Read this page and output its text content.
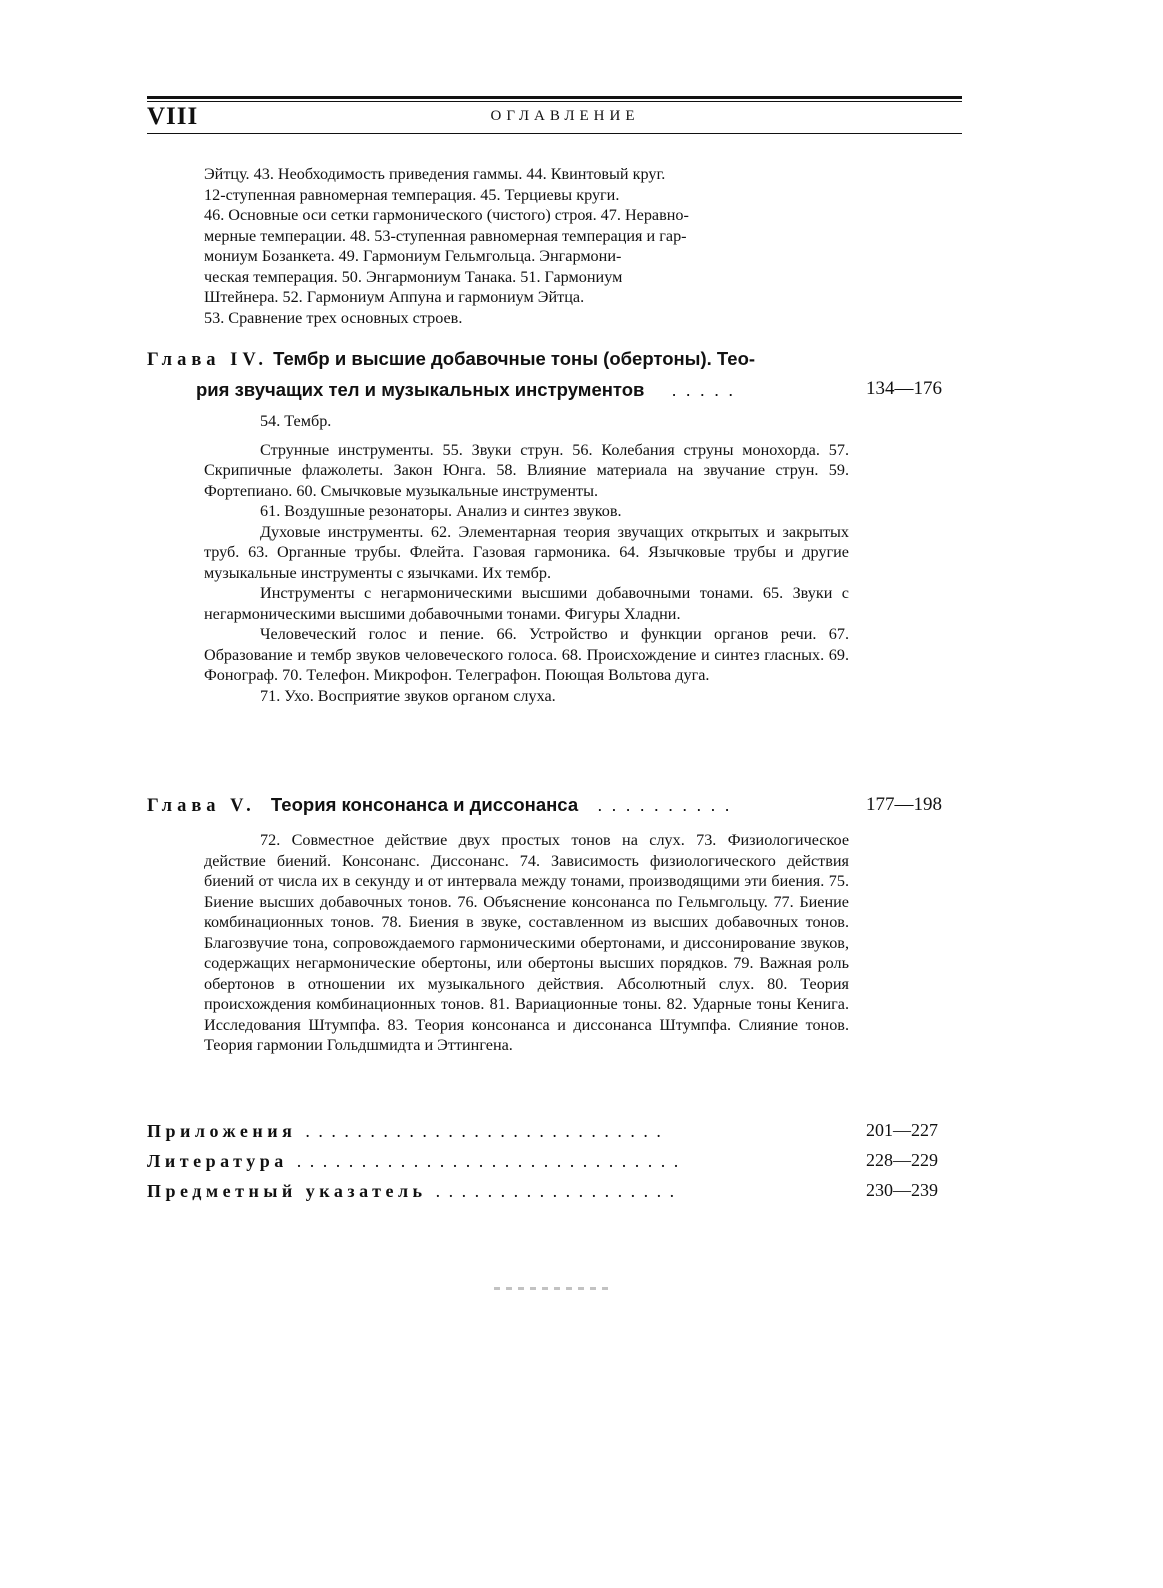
VIII	ОГЛАВЛЕНИЕ
Эйтцу. 43. Необходимость приведения гаммы. 44. Квинтовый круг.
12-ступенная равномерная темперация. 45. Терциевы круги.
46. Основные оси сетки гармонического (чистого) строя. 47. Неравно-
мерные темперации. 48. 53-ступенная равномерная темперация и гар-
мониум Бозанкета. 49. Гармониум Гельмгольца. Энгармони-
ческая темперация. 50. Энгармониум Танака. 51. Гармониум
Штейнера. 52. Гармониум Аппуна и гармониум Эйтца.
53. Сравнение трех основных строев.
Глава IV. Тембр и высшие добавочные тоны (обертоны). Тео-
рия звучащих тел и музыкальных инструментов .....	134—176

54. Тембр.

Струнные инструменты. 55. Звуки струн. 56. Колебания струны монохорда. 57. Скрипичные флажолеты. Закон Юнга. 58. Влияние материала на звучание струн. 59. Фортепиано. 60. Смычковые музыкальные инструменты.

61. Воздушные резонаторы. Анализ и синтез звуков.

Духовые инструменты. 62. Элементарная теория звучащих открытых и закрытых труб. 63. Органные трубы. Флейта. Газовая гармоника. 64. Язычковые трубы и другие музыкальные инструменты с язычками. Их тембр.

Инструменты с негармоническими высшими добавочными тонами. 65. Звуки с негармоническими высшими добавочными тонами. Фигуры Хладни.

Человеческий голос и пение. 66. Устройство и функции органов речи. 67. Образование и тембр звуков человеческого голоса. 68. Происхождение и синтез гласных. 69. Фонограф. 70. Телефон. Микрофон. Телеграфон. Поющая Вольтова дуга.

71. Ухо. Восприятие звуков органом слуха.

Глава V. Теория консонанса и диссонанса ..........	177—198

72. Совместное действие двух простых тонов на слух. 73. Физиологическое действие биений. Консонанс. Диссонанс. 74. Зависимость физиологического действия биений от числа их в секунду и от интервала между тонами, производящими эти биения. 75. Биение высших добавочных тонов. 76. Объяснение консонанса по Гельмгольцу. 77. Биение комбинационных тонов. 78. Биения в звуке, составленном из высших добавочных тонов. Благозвучие тона, сопровождаемого гармоническими обертонами, и диссонирование звуков, содержащих негармонические обертоны, или обертоны высших порядков. 79. Важная роль обертонов в отношении их музыкального действия. Абсолютный слух. 80. Теория происхождения комбинационных тонов. 81. Вариационные тоны. 82. Ударные тоны Кенига. Исследования Штумпфа. 83. Теория консонанса и диссонанса Штумпфа. Слияние тонов. Теория гармонии Гольдшмидта и Эттингена.

Приложения ............................	201—227
Литература ..............................	228—229
Предметный указатель ...................	230—239
